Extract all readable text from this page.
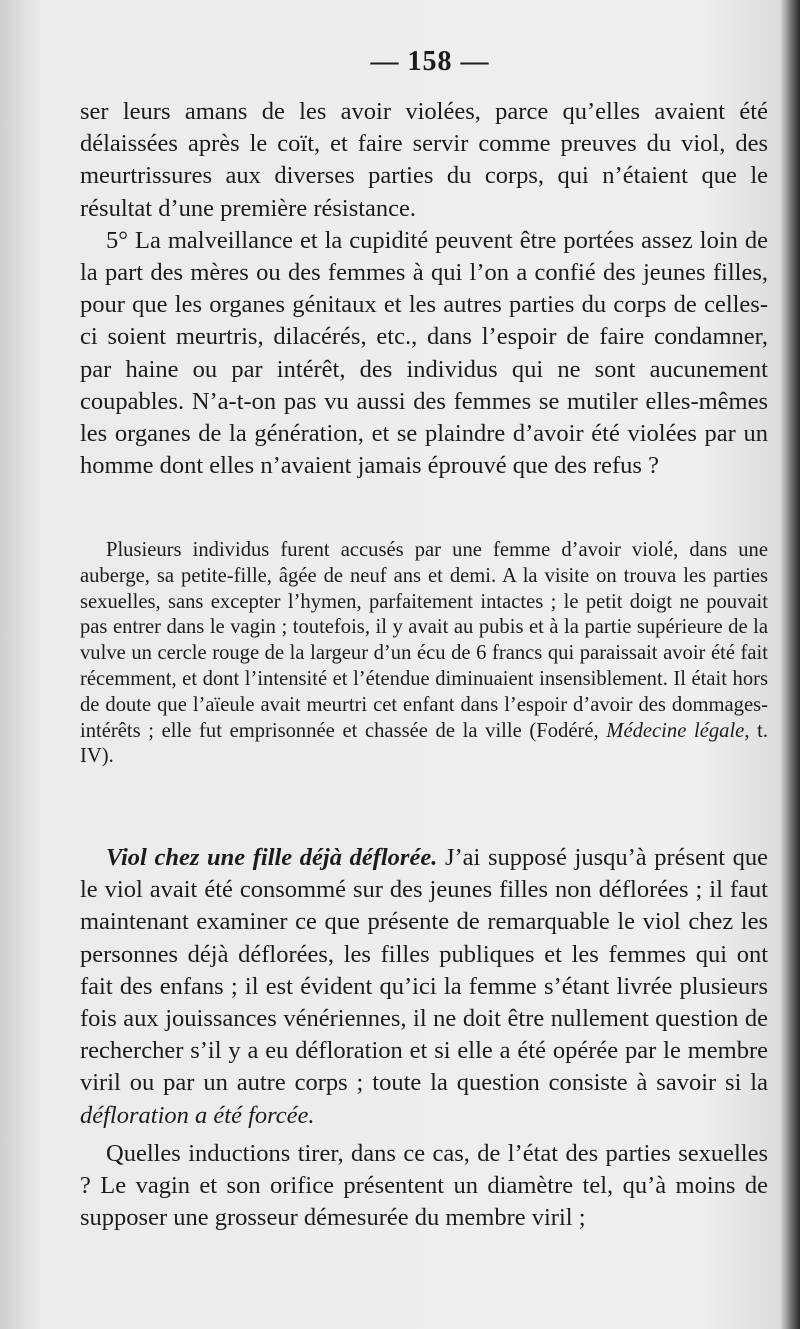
— 158 —

ser leurs amans de les avoir violées, parce qu’elles avaient été délaissées après le coït, et faire servir comme preuves du viol, des meurtrissures aux diverses parties du corps, qui n’étaient que le résultat d’une première résistance.

5° La malveillance et la cupidité peuvent être portées assez loin de la part des mères ou des femmes à qui l’on a confié des jeunes filles, pour que les organes génitaux et les autres parties du corps de celles-ci soient meurtris, dilacérés, etc., dans l’espoir de faire condamner, par haine ou par intérêt, des individus qui ne sont aucunement coupables. N’a-t-on pas vu aussi des femmes se mutiler elles-mêmes les organes de la génération, et se plaindre d’avoir été violées par un homme dont elles n’avaient jamais éprouvé que des refus ?

Plusieurs individus furent accusés par une femme d’avoir violé, dans une auberge, sa petite-fille, âgée de neuf ans et demi. A la visite on trouva les parties sexuelles, sans excepter l’hymen, parfaitement intactes ; le petit doigt ne pouvait pas entrer dans le vagin ; toutefois, il y avait au pubis et à la partie supérieure de la vulve un cercle rouge de la largeur d’un écu de 6 francs qui paraissait avoir été fait récemment, et dont l’intensité et l’étendue diminuaient insensiblement. Il était hors de doute que l’aïeule avait meurtri cet enfant dans l’espoir d’avoir des dommages-intérêts ; elle fut emprisonnée et chassée de la ville (Fodéré, Médecine légale, t. IV).

Viol chez une fille déjà déflorée. J’ai supposé jusqu’à présent que le viol avait été consommé sur des jeunes filles non déflorées ; il faut maintenant examiner ce que présente de remarquable le viol chez les personnes déjà déflorées, les filles publiques et les femmes qui ont fait des enfans ; il est évident qu’ici la femme s’étant livrée plusieurs fois aux jouissances vénériennes, il ne doit être nullement question de rechercher s’il y a eu défloration et si elle a été opérée par le membre viril ou par un autre corps ; toute la question consiste à savoir si la défloration a été forcée.

Quelles inductions tirer, dans ce cas, de l’état des parties sexuelles ? Le vagin et son orifice présentent un diamètre tel, qu’à moins de supposer une grosseur démesurée du membre viril ;
